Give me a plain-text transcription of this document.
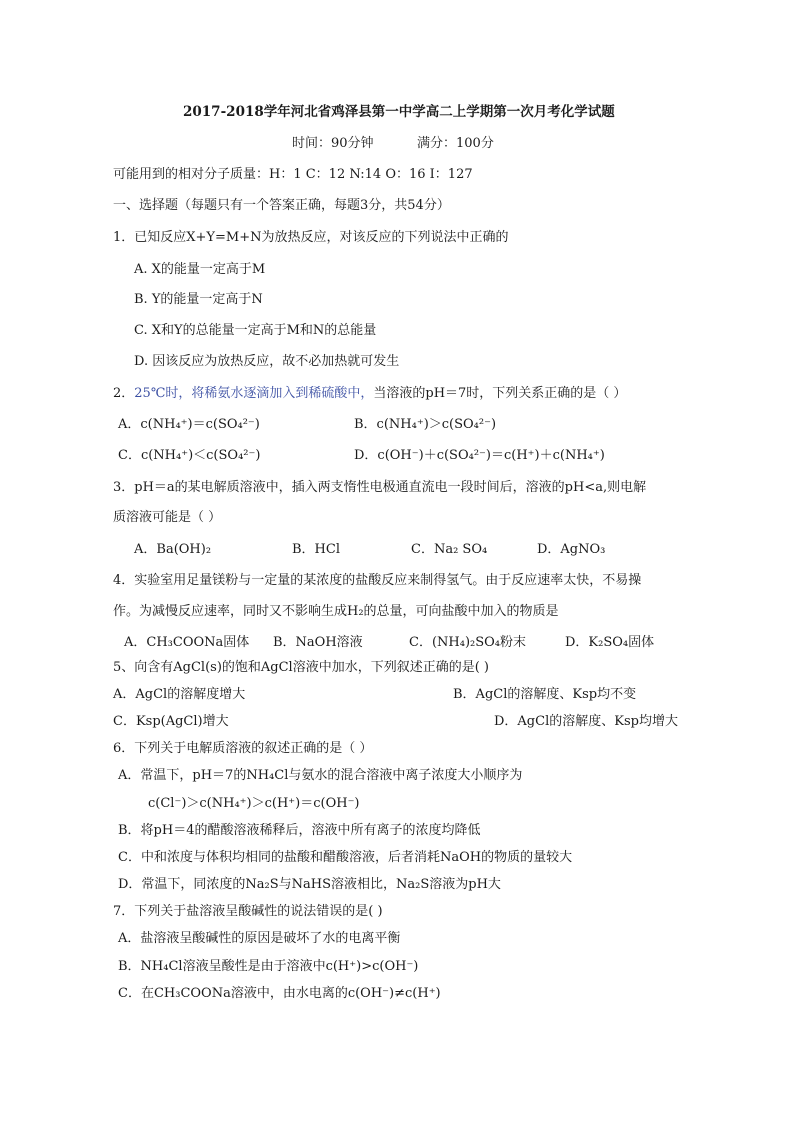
2017-2018学年河北省鸡泽县第一中学高二上学期第一次月考化学试题
时间：90分钟	满分：100分
可能用到的相对分子质量：H：1 C：12 N:14 O：16 I：127
一、选择题（每题只有一个答案正确，每题3分，共54分）
1．已知反应X+Y=M+N为放热反应，对该反应的下列说法中正确的
A. X的能量一定高于M
B. Y的能量一定高于N
C. X和Y的总能量一定高于M和N的总能量
D. 因该反应为放热反应，故不必加热就可发生
2．25℃时，将稀氨水逐滴加入到稀硫酸中，当溶液的pH＝7时，下列关系正确的是（ ）
A．c(NH₄⁺)＝c(SO₄²⁻)	B．c(NH₄⁺)＞c(SO₄²⁻)
C．c(NH₄⁺)＜c(SO₄²⁻)	D．c(OH⁻)＋c(SO₄²⁻)＝c(H⁺)＋c(NH₄⁺)
3．pH＝a的某电解质溶液中，插入两支惰性电极通直流电一段时间后，溶液的pH<a,则电解
质溶液可能是（ ）
A．Ba(OH)₂	B．HCl	C．Na₂ SO₄	D．AgNO₃
4．实验室用足量镁粉与一定量的某浓度的盐酸反应来制得氢气。由于反应速率太快，不易操
作。为减慢反应速率，同时又不影响生成H₂的总量，可向盐酸中加入的物质是
A．CH₃COONa固体 B．NaOH溶液	C．(NH₄)₂SO₄粉末	D．K₂SO₄固体
5、向含有AgCl(s)的饱和AgCl溶液中加水，下列叙述正确的是( )
A．AgCl的溶解度增大	B．AgCl的溶解度、Ksp均不变
C．Ksp(AgCl)增大	D．AgCl的溶解度、Ksp均增大
6．下列关于电解质溶液的叙述正确的是（ ）
A．常温下，pH＝7的NH₄Cl与氨水的混合溶液中离子浓度大小顺序为
c(Cl⁻)＞c(NH₄⁺)＞c(H⁺)＝c(OH⁻)
B．将pH＝4的醋酸溶液稀释后，溶液中所有离子的浓度均降低
C．中和浓度与体积均相同的盐酸和醋酸溶液，后者消耗NaOH的物质的量较大
D．常温下，同浓度的Na₂S与NaHS溶液相比，Na₂S溶液为pH大
7．下列关于盐溶液呈酸碱性的说法错误的是( )
A．盐溶液呈酸碱性的原因是破坏了水的电离平衡
B．NH₄Cl溶液呈酸性是由于溶液中c(H⁺)>c(OH⁻)
C．在CH₃COONa溶液中，由水电离的c(OH⁻)≠c(H⁺)
